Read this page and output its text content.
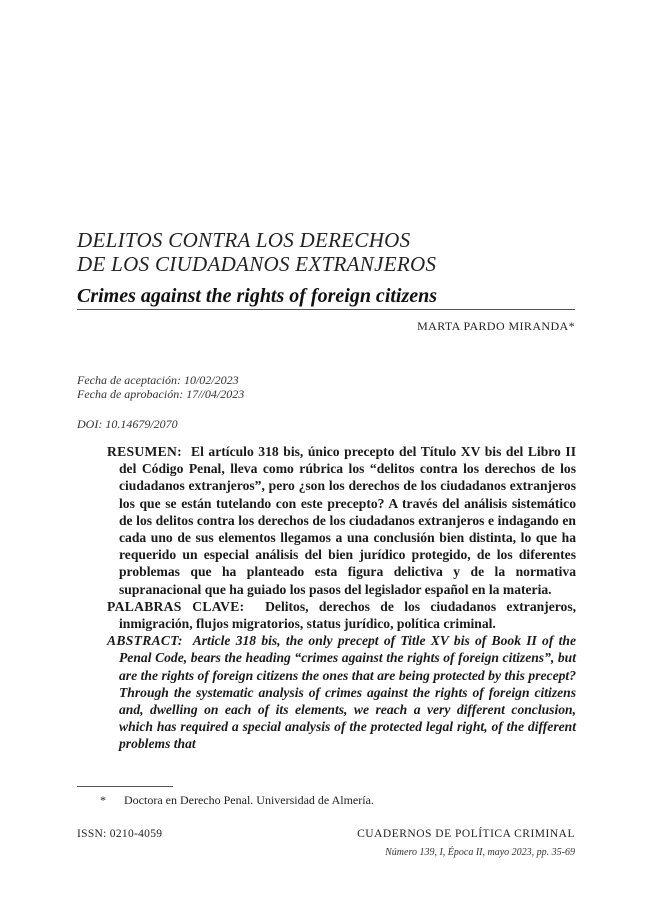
DELITOS CONTRA LOS DERECHOS
DE LOS CIUDADANOS EXTRANJEROS
Crimes against the rights of foreign citizens
MARTA PARDO MIRANDA*
Fecha de aceptación: 10/02/2023
Fecha de aprobación: 17//04/2023
DOI: 10.14679/2070

RESUMEN: El artículo 318 bis, único precepto del Título XV bis del Libro II del Código Penal, lleva como rúbrica los “delitos contra los derechos de los ciudadanos extranjeros”, pero ¿son los derechos de los ciudadanos extranjeros los que se están tutelando con este precepto? A través del análisis sistemático de los delitos contra los derechos de los ciudadanos extranjeros e indagando en cada uno de sus elementos llegamos a una conclusión bien distinta, lo que ha requerido un especial análisis del bien jurídico protegido, de los diferentes problemas que ha planteado esta figura delictiva y de la normativa supranacional que ha guiado los pasos del legislador español en la materia.

PALABRAS CLAVE: Delitos, derechos de los ciudadanos extranjeros, inmigración, flujos migratorios, status jurídico, política criminal.

ABSTRACT: Article 318 bis, the only precept of Title XV bis of Book II of the Penal Code, bears the heading “crimes against the rights of foreign citizens”, but are the rights of foreign citizens the ones that are being protected by this precept? Through the systematic analysis of crimes against the rights of foreign citizens and, dwelling on each of its elements, we reach a very different conclusion, which has required a special analysis of the protected legal right, of the different problems that

* Doctora en Derecho Penal. Universidad de Almería.
ISSN: 0210-4059	CUADERNOS DE POLÍTICA CRIMINAL
Número 139, I, Época II, mayo 2023, pp. 35-69
